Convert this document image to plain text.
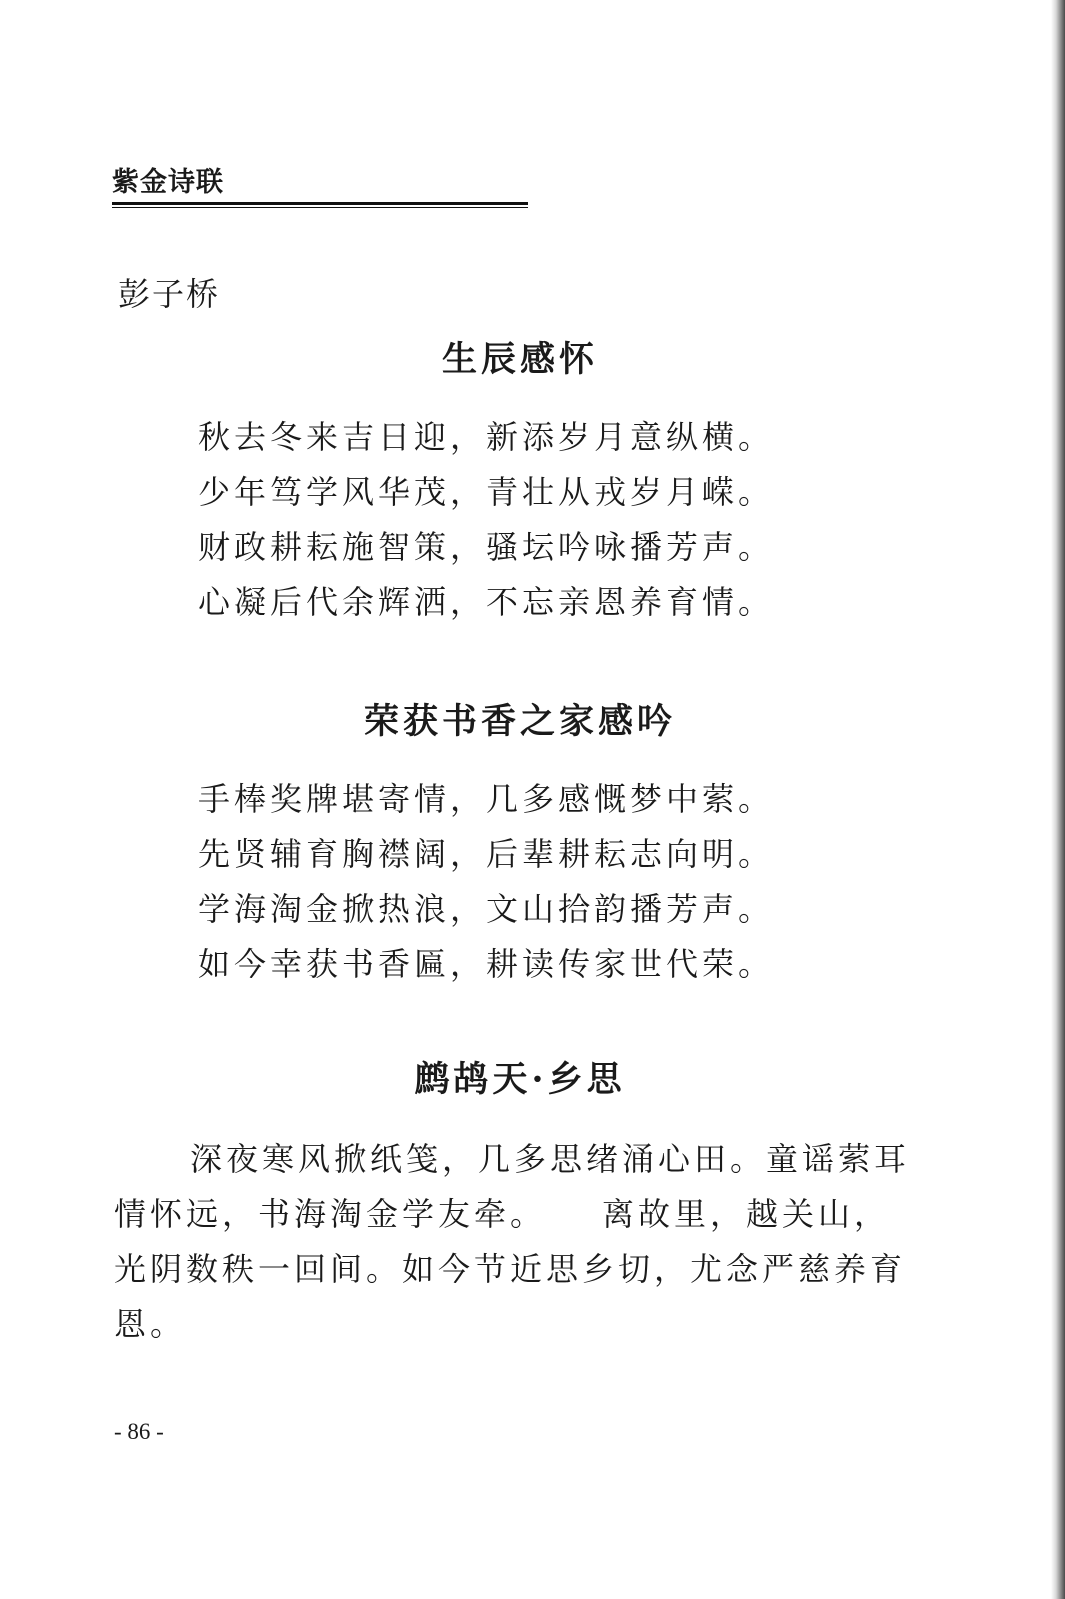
紫金诗联
彭子桥
生辰感怀
秋去冬来吉日迎，新添岁月意纵横。
少年笃学风华茂，青壮从戎岁月嵘。
财政耕耘施智策，骚坛吟咏播芳声。
心凝后代余辉洒，不忘亲恩养育情。
荣获书香之家感吟
手棒奖牌堪寄情，几多感慨梦中萦。
先贤辅育胸襟阔，后辈耕耘志向明。
学海淘金掀热浪，文山拾韵播芳声。
如今幸获书香匾，耕读传家世代荣。
鹧鸪天·乡思
深夜寒风掀纸笺，几多思绪涌心田。童谣萦耳情怀远，书海淘金学友牵。　　离故里，越关山，光阴数秩一回间。如今节近思乡切，尤念严慈养育恩。
- 86 -
